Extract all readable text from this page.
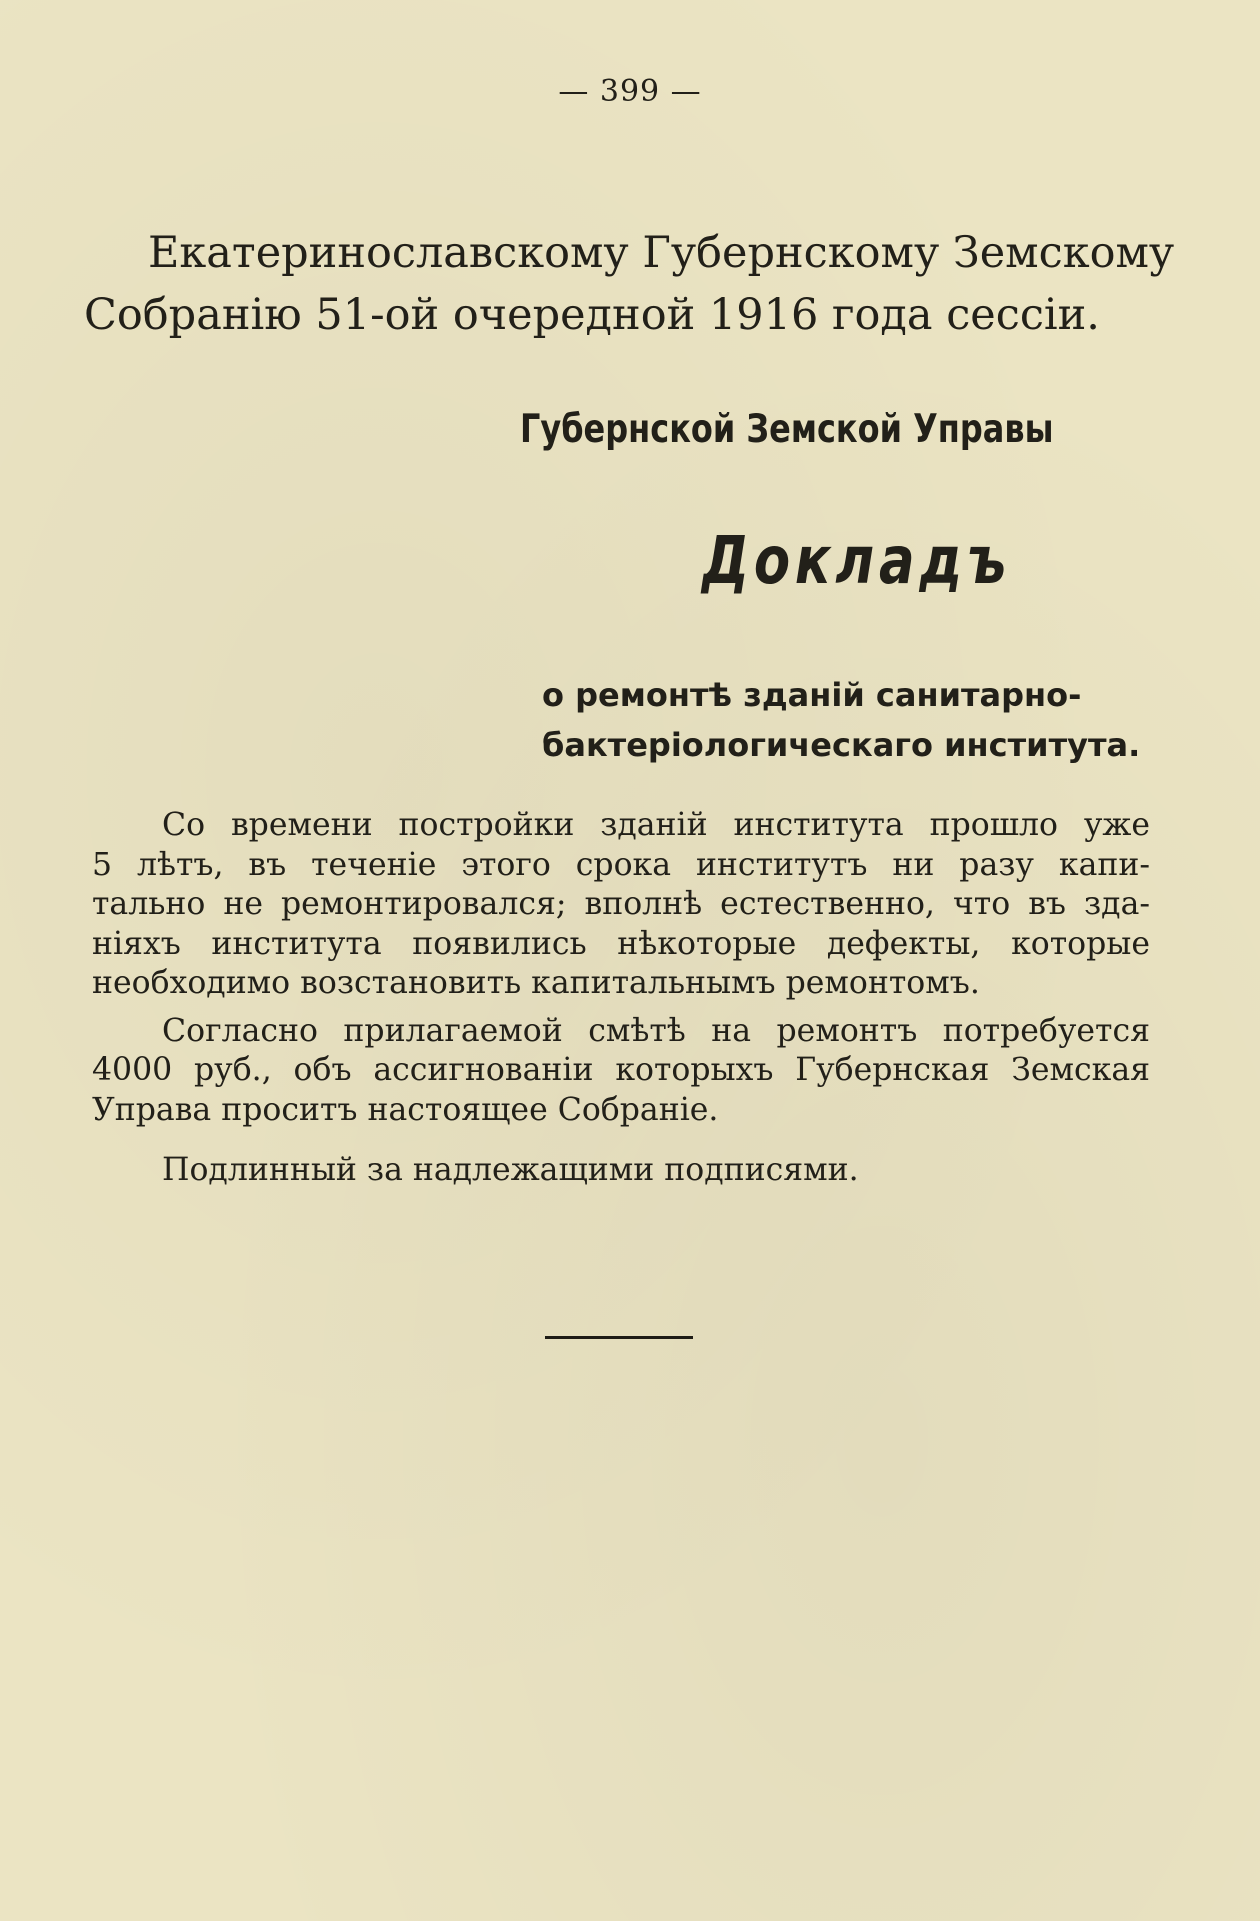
— 399 —
Екатеринославскому Губернскому Земскому
Собранію 51-ой очередной 1916 года сессіи.
Губернской Земской Управы
Докладъ
о ремонтѣ зданій санитарно-
бактеріологическаго института.
Со времени постройки зданій института прошло уже
5 лѣтъ, въ теченіе этого срока институтъ ни разу капи-
тально не ремонтировался; вполнѣ естественно, что въ зда-
ніяхъ института появились нѣкоторые дефекты, которые
необходимо возстановить капитальнымъ ремонтомъ.
Согласно прилагаемой смѣтѣ на ремонтъ потребуется
4000 руб., объ ассигнованіи которыхъ Губернская Земская
Управа проситъ настоящее Собраніе.
Подлинный за надлежащими подписями.
